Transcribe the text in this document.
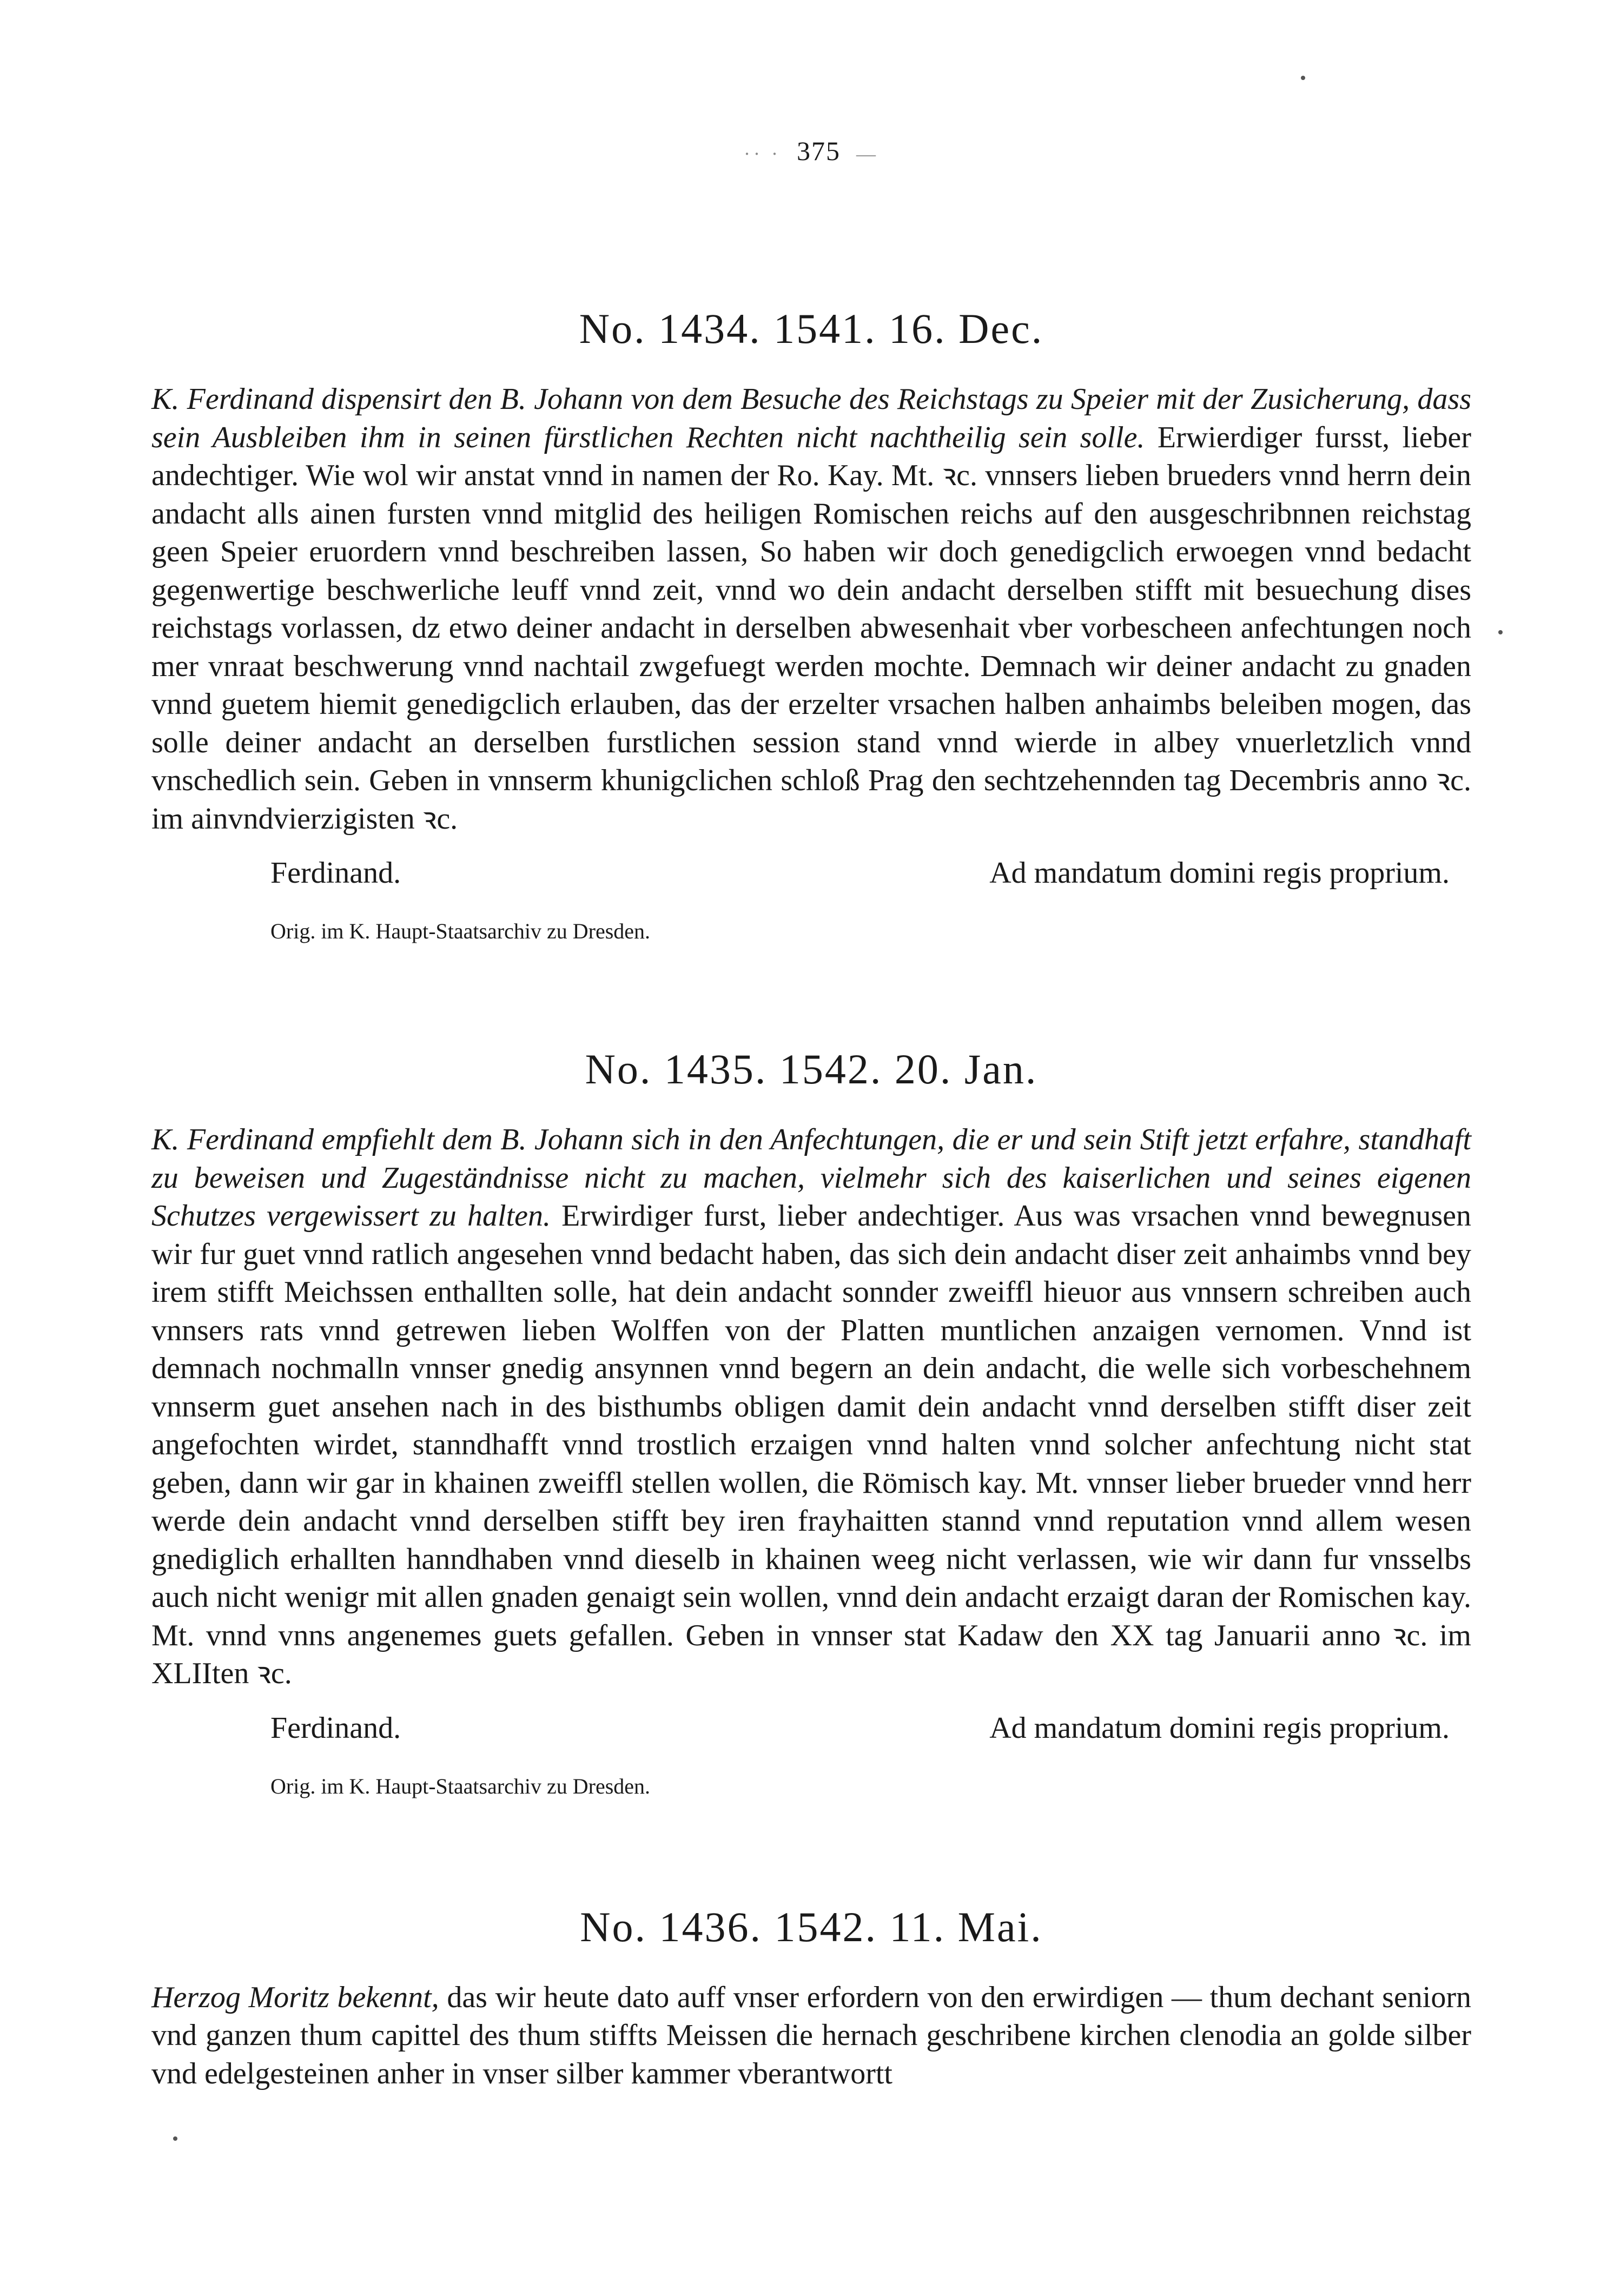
·· · 375 —
No. 1434. 1541. 16. Dec.

K. Ferdinand dispensirt den B. Johann von dem Besuche des Reichstags zu Speier mit der Zusicherung, dass sein Ausbleiben ihm in seinen fürstlichen Rechten nicht nachtheilig sein solle. Erwierdiger fursst, lieber andechtiger. Wie wol wir anstat vnnd in namen der Ro. Kay. Mt. ꝛc. vnnsers lieben brueders vnnd herrn dein andacht alls ainen fursten vnnd mitglid des heiligen Romischen reichs auf den ausgeschribnnen reichstag geen Speier eruordern vnnd beschreiben lassen, So haben wir doch genedigclich erwoegen vnnd bedacht gegenwertige beschwerliche leuff vnnd zeit, vnnd wo dein andacht derselben stifft mit besuechung dises reichstags vorlassen, dz etwo deiner andacht in derselben abwesenhait vber vorbescheen anfechtungen noch mer vnraat beschwerung vnnd nachtail zwgefuegt werden mochte. Demnach wir deiner andacht zu gnaden vnnd guetem hiemit genedigclich erlauben, das der erzelter vrsachen halben anhaimbs beleiben mogen, das solle deiner andacht an derselben furstlichen session stand vnnd wierde in albey vnuerletzlich vnnd vnschedlich sein. Geben in vnnserm khunigclichen schloß Prag den sechtzehennden tag Decembris anno ꝛc. im ainvndvierzigisten ꝛc.

Ferdinand.	Ad mandatum domini regis proprium.
Orig. im K. Haupt-Staatsarchiv zu Dresden.
No. 1435. 1542. 20. Jan.

K. Ferdinand empfiehlt dem B. Johann sich in den Anfechtungen, die er und sein Stift jetzt erfahre, standhaft zu beweisen und Zugeständnisse nicht zu machen, vielmehr sich des kaiserlichen und seines eigenen Schutzes vergewissert zu halten. Erwirdiger furst, lieber andechtiger. Aus was vrsachen vnnd bewegnusen wir fur guet vnnd ratlich angesehen vnnd bedacht haben, das sich dein andacht diser zeit anhaimbs vnnd bey irem stifft Meichssen enthallten solle, hat dein andacht sonnder zweiffl hieuor aus vnnsern schreiben auch vnnsers rats vnnd getrewen lieben Wolffen von der Platten muntlichen anzaigen vernomen. Vnnd ist demnach nochmalln vnnser gnedig ansynnen vnnd begern an dein andacht, die welle sich vorbeschehnem vnnserm guet ansehen nach in des bisthumbs obligen damit dein andacht vnnd derselben stifft diser zeit angefochten wirdet, stanndhafft vnnd trostlich erzaigen vnnd halten vnnd solcher anfechtung nicht stat geben, dann wir gar in khainen zweiffl stellen wollen, die Römisch kay. Mt. vnnser lieber brueder vnnd herr werde dein andacht vnnd derselben stifft bey iren frayhaitten stannd vnnd reputation vnnd allem wesen gnediglich erhallten hanndhaben vnnd dieselb in khainen weeg nicht verlassen, wie wir dann fur vnsselbs auch nicht wenigr mit allen gnaden genaigt sein wollen, vnnd dein andacht erzaigt daran der Romischen kay. Mt. vnnd vnns angenemes guets gefallen. Geben in vnnser stat Kadaw den XX tag Januarii anno ꝛc. im XLIIten ꝛc.

Ferdinand.	Ad mandatum domini regis proprium.
Orig. im K. Haupt-Staatsarchiv zu Dresden.
No. 1436. 1542. 11. Mai.

Herzog Moritz bekennt, das wir heute dato auff vnser erfordern von den erwirdigen — thum dechant seniorn vnd ganzen thum capittel des thum stiffts Meissen die hernach geschribene kirchen clenodia an golde silber vnd edelgesteinen anher in vnser silber kammer vberantwortt
